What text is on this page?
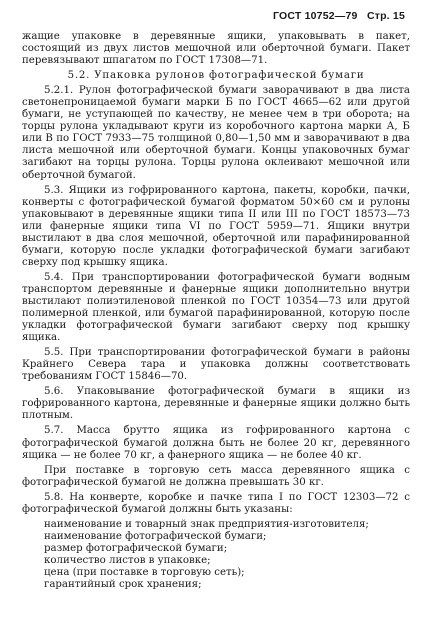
ГОСТ 10752—79 Стр. 15

жащие упаковке в деревянные ящики, упаковывать в пакет, состоящий из двух листов мешочной или оберточной бумаги. Пакет перевязывают шпагатом по ГОСТ 17308—71.

5.2. Упаковка рулонов фотографической бумаги

5.2.1. Рулон фотографической бумаги заворачивают в два листа светонепроницаемой бумаги марки Б по ГОСТ 4665—62 или другой бумаги, не уступающей по качеству, не менее чем в три оборота; на торцы рулона укладывают круги из коробочного картона марки А, Б или В по ГОСТ 7933—75 толщиной 0,80—1,50 мм и заворачивают в два листа мешочной или оберточной бумаги. Концы упаковочных бумаг загибают на торцы рулона. Торцы рулона оклеивают мешочной или оберточной бумагой.

5.3. Ящики из гофрированного картона, пакеты, коробки, пачки, конверты с фотографической бумагой форматом 50×60 см и рулоны упаковывают в деревянные ящики типа II или III по ГОСТ 18573—73 или фанерные ящики типа VI по ГОСТ 5959—71. Ящики внутри выстилают в два слоя мешочной, оберточной или парафинированной бумаги, которую после укладки фотографической бумаги загибают сверху под крышку ящика.

5.4. При транспортировании фотографической бумаги водным транспортом деревянные и фанерные ящики дополнительно внутри выстилают полиэтиленовой пленкой по ГОСТ 10354—73 или другой полимерной пленкой, или бумагой парафинированной, которую после укладки фотографической бумаги загибают сверху под крышку ящика.

5.5. При транспортировании фотографической бумаги в районы Крайнего Севера тара и упаковка должны соответствовать требованиям ГОСТ 15846—70.

5.6. Упаковывание фотографической бумаги в ящики из гофрированного картона, деревянные и фанерные ящики должно быть плотным.

5.7. Масса брутто ящика из гофрированного картона с фотографической бумагой должна быть не более 20 кг, деревянного ящика — не более 70 кг, а фанерного ящика — не более 40 кг.

При поставке в торговую сеть масса деревянного ящика с фотографической бумагой не должна превышать 30 кг.

5.8. На конверте, коробке и пачке типа I по ГОСТ 12303—72 с фотографической бумагой должны быть указаны:

наименование и товарный знак предприятия-изготовителя;
наименование фотографической бумаги;
размер фотографической бумаги;
количество листов в упаковке;
цена (при поставке в торговую сеть);
гарантийный срок хранения;
